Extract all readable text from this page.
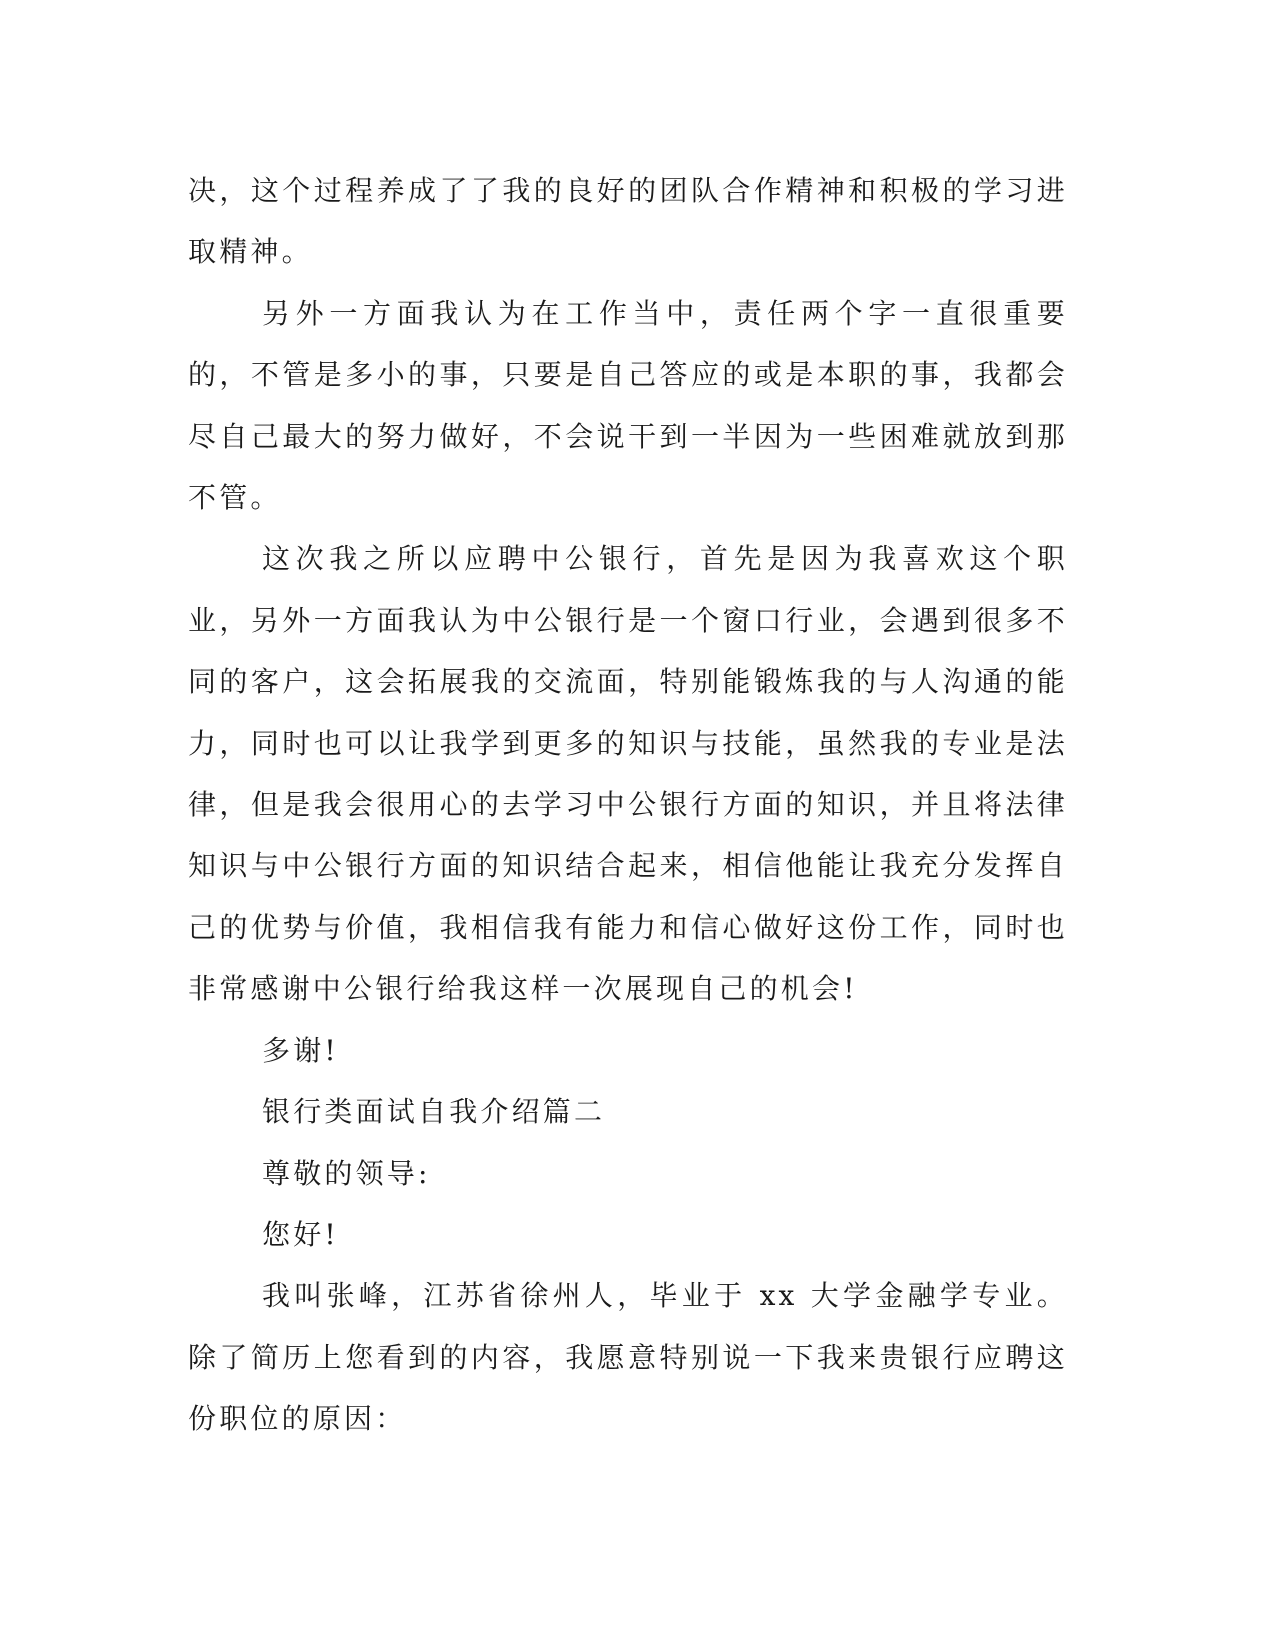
决，这个过程养成了了我的良好的团队合作精神和积极的学习进取精神。

另外一方面我认为在工作当中，责任两个字一直很重要的，不管是多小的事，只要是自己答应的或是本职的事，我都会尽自己最大的努力做好，不会说干到一半因为一些困难就放到那不管。

这次我之所以应聘中公银行，首先是因为我喜欢这个职业，另外一方面我认为中公银行是一个窗口行业，会遇到很多不同的客户，这会拓展我的交流面，特别能锻炼我的与人沟通的能力，同时也可以让我学到更多的知识与技能，虽然我的专业是法律，但是我会很用心的去学习中公银行方面的知识，并且将法律知识与中公银行方面的知识结合起来，相信他能让我充分发挥自己的优势与价值，我相信我有能力和信心做好这份工作，同时也非常感谢中公银行给我这样一次展现自己的机会!

多谢!

银行类面试自我介绍篇二

尊敬的领导:

您好!

我叫张峰，江苏省徐州人，毕业于 xx 大学金融学专业。除了简历上您看到的内容，我愿意特别说一下我来贵银行应聘这份职位的原因：
